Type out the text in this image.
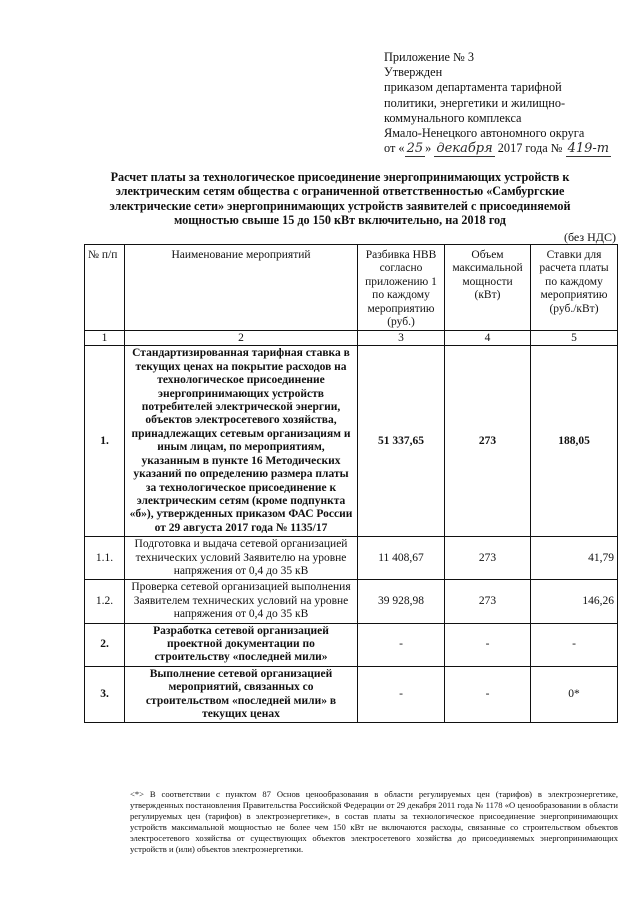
Приложение № 3
Утвержден
приказом департамента тарифной
политики, энергетики и жилищно-
коммунального комплекса
Ямало-Ненецкого автономного округа
от « 25 » декабря 2017 года № 419-т
Расчет платы за технологическое присоединение энергопринимающих устройств к электрическим сетям общества с ограниченной ответственностью «Самбургские электрические сети» энергопринимающих устройств заявителей с присоединяемой мощностью свыше 15 до 150 кВт включительно, на 2018 год
(без НДС)
№ п/п	Наименование мероприятий	Разбивка НВВ согласно приложению 1 по каждому мероприятию (руб.)	Объем максимальной мощности (кВт)	Ставки для расчета платы по каждому мероприятию (руб./кВт)
1	2	3	4	5
1.	Стандартизированная тарифная ставка в текущих ценах на покрытие расходов на технологическое присоединение энергопринимающих устройств потребителей электрической энергии, объектов электросетевого хозяйства, принадлежащих сетевым организациям и иным лицам, по мероприятиям, указанным в пункте 16 Методических указаний по определению размера платы за технологическое присоединение к электрическим сетям (кроме подпункта «б»), утвержденных приказом ФАС России от 29 августа 2017 года № 1135/17	51 337,65	273	188,05
1.1.	Подготовка и выдача сетевой организацией технических условий Заявителю на уровне напряжения от 0,4 до 35 кВ	11 408,67	273	41,79
1.2.	Проверка сетевой организацией выполнения Заявителем технических условий на уровне напряжения от 0,4 до 35 кВ	39 928,98	273	146,26
2.	Разработка сетевой организацией проектной документации по строительству «последней мили»	-	-	-
3.	Выполнение сетевой организацией мероприятий, связанных со строительством «последней мили» в текущих ценах	-	-	0*
<*> В соответствии с пунктом 87 Основ ценообразования в области регулируемых цен (тарифов) в электроэнергетике, утвержденных постановления Правительства Российской Федерации от 29 декабря 2011 года № 1178 «О ценообразовании в области регулируемых цен (тарифов) в электроэнергетике», в состав платы за технологическое присоединение энергопринимающих устройств максимальной мощностью не более чем 150 кВт не включаются расходы, связанные со строительством объектов электросетевого хозяйства от существующих объектов электросетевого хозяйства до присоединяемых энергопринимающих устройств и (или) объектов электроэнергетики.
